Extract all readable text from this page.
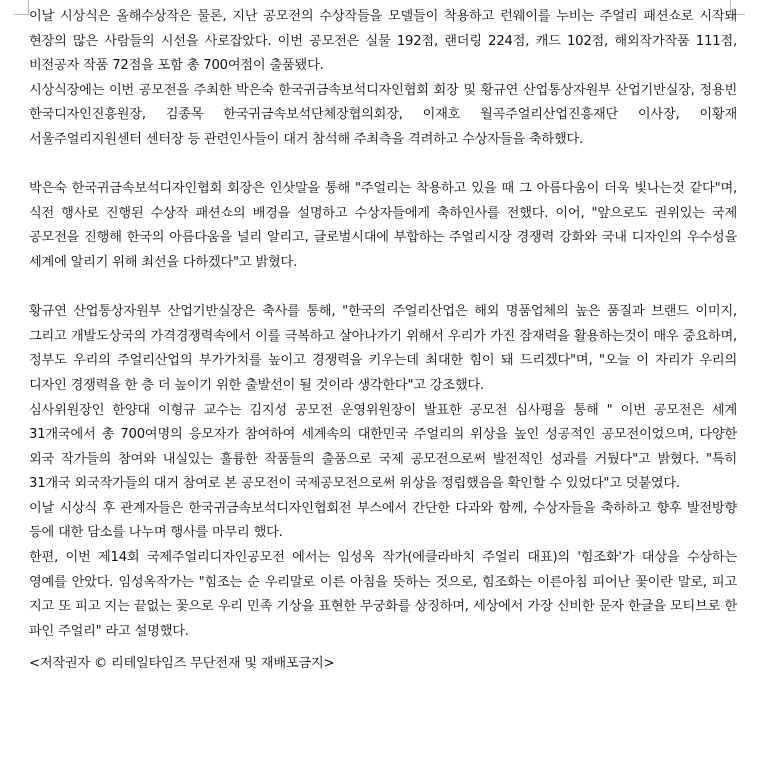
이날 시상식은 올해수상작은 물론, 지난 공모전의 수상작들을 모델들이 착용하고 런웨이를 누비는 주얼리 패션쇼로 시작돼 현장의 많은 사람들의 시선을 사로잡았다. 이번 공모전은 실물 192점, 랜더링 224점, 캐드 102점, 해외작가작품 111점, 비전공자 작품 72점을 포함 총 700여점이 출품됐다.

시상식장에는 이번 공모전을 주최한 박은숙 한국귀금속보석디자인협회 회장 및 황규연 산업통상자원부 산업기반실장, 정용빈 한국디자인진흥원장, 김종목 한국귀금속보석단체장협의회장, 이재호 월곡주얼리산업진흥재단 이사장, 이황재 서울주얼리지원센터 센터장 등 관련인사들이 대거 참석해 주최측을 격려하고 수상자들을 축하했다.

박은숙 한국귀금속보석디자인협회 회장은 인삿말을 통해 "주얼리는 착용하고 있을 때 그 아름다움이 더욱 빛나는것 같다"며, 식전 행사로 진행된 수상작 패션쇼의 배경을 설명하고 수상자들에게 축하인사를 전했다. 이어, "앞으로도 권위있는 국제 공모전을 진행해 한국의 아름다움을 널리 알리고, 글로벌시대에 부합하는 주얼리시장 경쟁력 강화와 국내 디자인의 우수성을 세계에 알리기 위해 최선을 다하겠다"고 밝혔다.

황규연 산업통상자원부 산업기반실장은 축사를 통해, "한국의 주얼리산업은 해외 명품업체의 높은 품질과 브랜드 이미지, 그리고 개발도상국의 가격경쟁력속에서 이를 극복하고 살아나가기 위해서 우리가 가진 잠재력을 활용하는것이 매우 중요하며, 정부도 우리의 주얼리산업의 부가가치를 높이고 경쟁력을 키우는데 최대한 힘이 돼 드리겠다"며, "오늘 이 자리가 우리의 디자인 경쟁력을 한 층 더 높이기 위한 출발선이 될 것이라 생각한다"고 강조했다.

심사위원장인 한양대 이형규 교수는 김지성 공모전 운영위원장이 발표한 공모전 심사평을 통해 " 이번 공모전은 세계 31개국에서 총 700여명의 응모자가 참여하여 세계속의 대한민국 주얼리의 위상을 높인 성공적인 공모전이었으며, 다양한 외국 작가들의 참여와 내실있는 훌륭한 작품들의 출품으로 국제 공모전으로써 발전적인 성과를 거뒀다"고 밝혔다. "특히 31개국 외국작가들의 대거 참여로 본 공모전이 국제공모전으로써 위상을 정립했음을 확인할 수 있었다"고 덧붙였다.

이날 시상식 후 관계자들은 한국귀금속보석디자인협회전 부스에서 간단한 다과와 함께, 수상자들을 축하하고 향후 발전방향 등에 대한 담소를 나누며 행사를 마무리 했다.

한편, 이번 제14회 국제주얼리디자인공모전 에서는 임성옥 작가(에클라바치 주얼리 대표)의 '힘조화'가 대상을 수상하는 영예를 안았다. 임성옥작가는 "힘조는 순 우리말로 이른 아침을 뜻하는 것으로, 힘조화는 이른아침 피어난 꽃이란 말로, 피고 지고 또 피고 지는 끝없는 꽃으로 우리 민족 기상을 표현한 무궁화를 상징하며, 세상에서 가장 신비한 문자 한글을 모티브로 한 파인 주얼리" 라고 설명했다.

<저작권자 © 리테일타임즈 무단전재 및 재배포금지>
